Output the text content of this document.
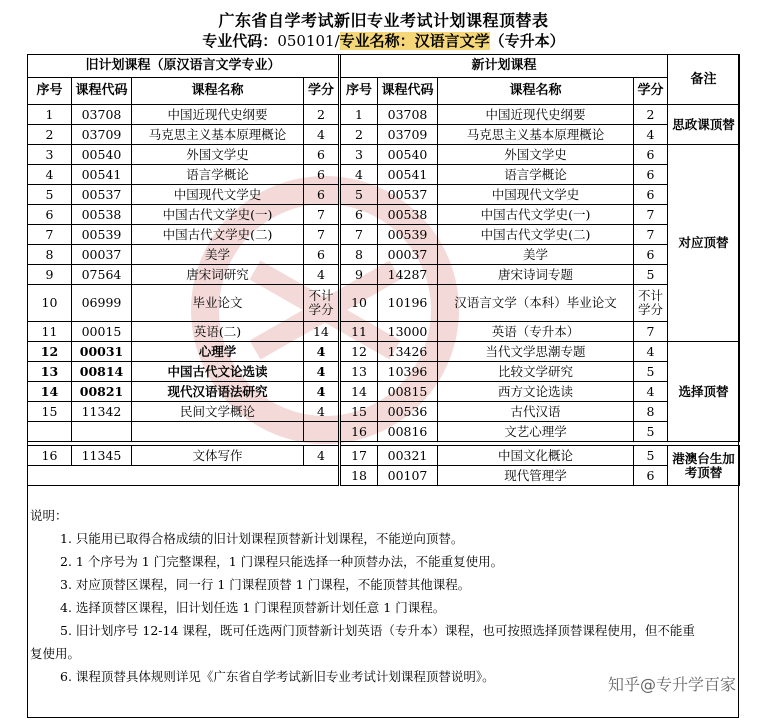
广东省自学考试新旧专业考试计划课程顶替表
专业代码：050101/专业名称：汉语言文学（专升本）
旧计划课程（原汉语言文学专业）				新计划课程				备注
序号	课程代码	课程名称	学分	序号	课程代码	课程名称	学分	
1	03708	中国近现代史纲要	2	1	03708	中国近现代史纲要	2	思政课顶替
2	03709	马克思主义基本原理概论	4	2	03709	马克思主义基本原理概论	4	
3	00540	外国文学史	6	3	00540	外国文学史	6	对应顶替
4	00541	语言学概论	6	4	00541	语言学概论	6	
5	00537	中国现代文学史	6	5	00537	中国现代文学史	6	
6	00538	中国古代文学史(一)	7	6	00538	中国古代文学史(一)	7	
7	00539	中国古代文学史(二)	7	7	00539	中国古代文学史(二)	7	
8	00037	美学	6	8	00037	美学	6	
9	07564	唐宋词研究	4	9	14287	唐宋诗词专题	5	
10	06999	毕业论文	不计学分	10	10196	汉语言文学（本科）毕业论文	不计学分	
11	00015	英语(二)	14	11	13000	英语（专升本）	7	
12	00031	心理学	4	12	13426	当代文学思潮专题	4	选择顶替
13	00814	中国古代文论选读	4	13	10396	比较文学研究	5	
14	00821	现代汉语语法研究	4	14	00815	西方文论选读	4	
15	11342	民间文学概论	4	15	00536	古代汉语	8	
				16	00816	文艺心理学	5	

16	11345	文体写作	4	17	00321	中国文化概论	5	港澳台生加考顶替
				18	00107	现代管理学	6	
说明：
1. 只能用已取得合格成绩的旧计划课程顶替新计划课程，不能逆向顶替。
2. 1 个序号为 1 门完整课程，1 门课程只能选择一种顶替办法，不能重复使用。
3. 对应顶替区课程，同一行 1 门课程顶替 1 门课程，不能顶替其他课程。
4. 选择顶替区课程，旧计划任选 1 门课程顶替新计划任意 1 门课程。
5. 旧计划序号 12-14 课程，既可任选两门顶替新计划英语（专升本）课程，也可按照选择顶替课程使用，但不能重
复使用。
6. 课程顶替具体规则详见《广东省自学考试新旧专业考试计划课程顶替说明》。	知乎@专升学百家
